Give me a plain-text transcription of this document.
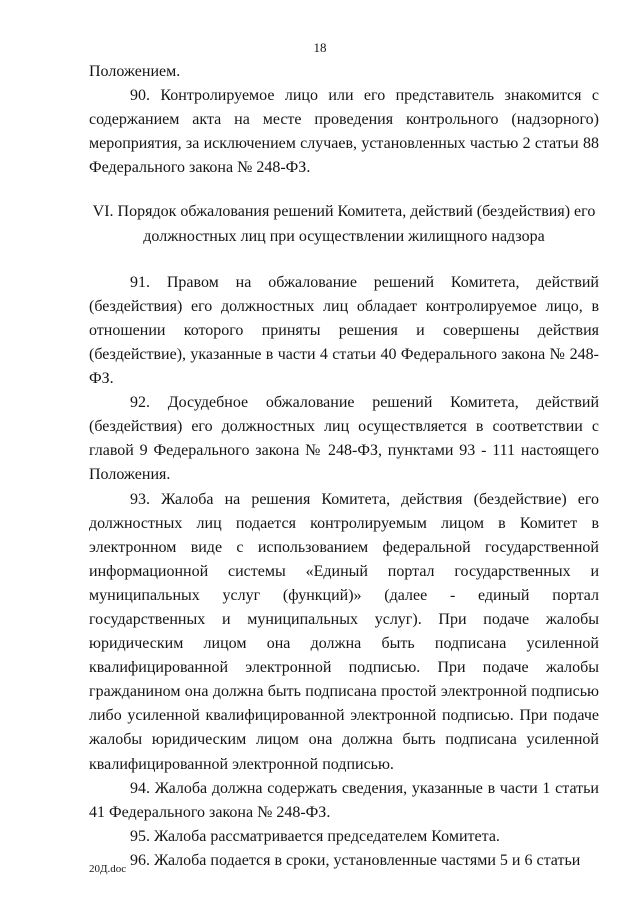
18

Положением.

90. Контролируемое лицо или его представитель знакомится с содержанием акта на месте проведения контрольного (надзорного) мероприятия, за исключением случаев, установленных частью 2 статьи 88 Федерального закона № 248-ФЗ.

VI. Порядок обжалования решений Комитета, действий (бездействия) его
должностных лиц при осуществлении жилищного надзора

91. Правом на обжалование решений Комитета, действий (бездействия) его должностных лиц обладает контролируемое лицо, в отношении которого приняты решения и совершены действия (бездействие), указанные в части 4 статьи 40 Федерального закона № 248-ФЗ.

92. Досудебное обжалование решений Комитета, действий (бездействия) его должностных лиц осуществляется в соответствии с главой 9 Федерального закона № 248-ФЗ, пунктами 93 - 111 настоящего Положения.

93. Жалоба на решения Комитета, действия (бездействие) его должностных лиц подается контролируемым лицом в Комитет в электронном виде с использованием федеральной государственной информационной системы «Единый портал государственных и муниципальных услуг (функций)» (далее - единый портал государственных и муниципальных услуг). При подаче жалобы юридическим лицом она должна быть подписана усиленной квалифицированной электронной подписью. При подаче жалобы гражданином она должна быть подписана простой электронной подписью либо усиленной квалифицированной электронной подписью. При подаче жалобы юридическим лицом она должна быть подписана усиленной квалифицированной электронной подписью.

94. Жалоба должна содержать сведения, указанные в части 1 статьи 41 Федерального закона № 248-ФЗ.

95. Жалоба рассматривается председателем Комитета.

96. Жалоба подается в сроки, установленные частями 5 и 6 статьи

20Д.doc
